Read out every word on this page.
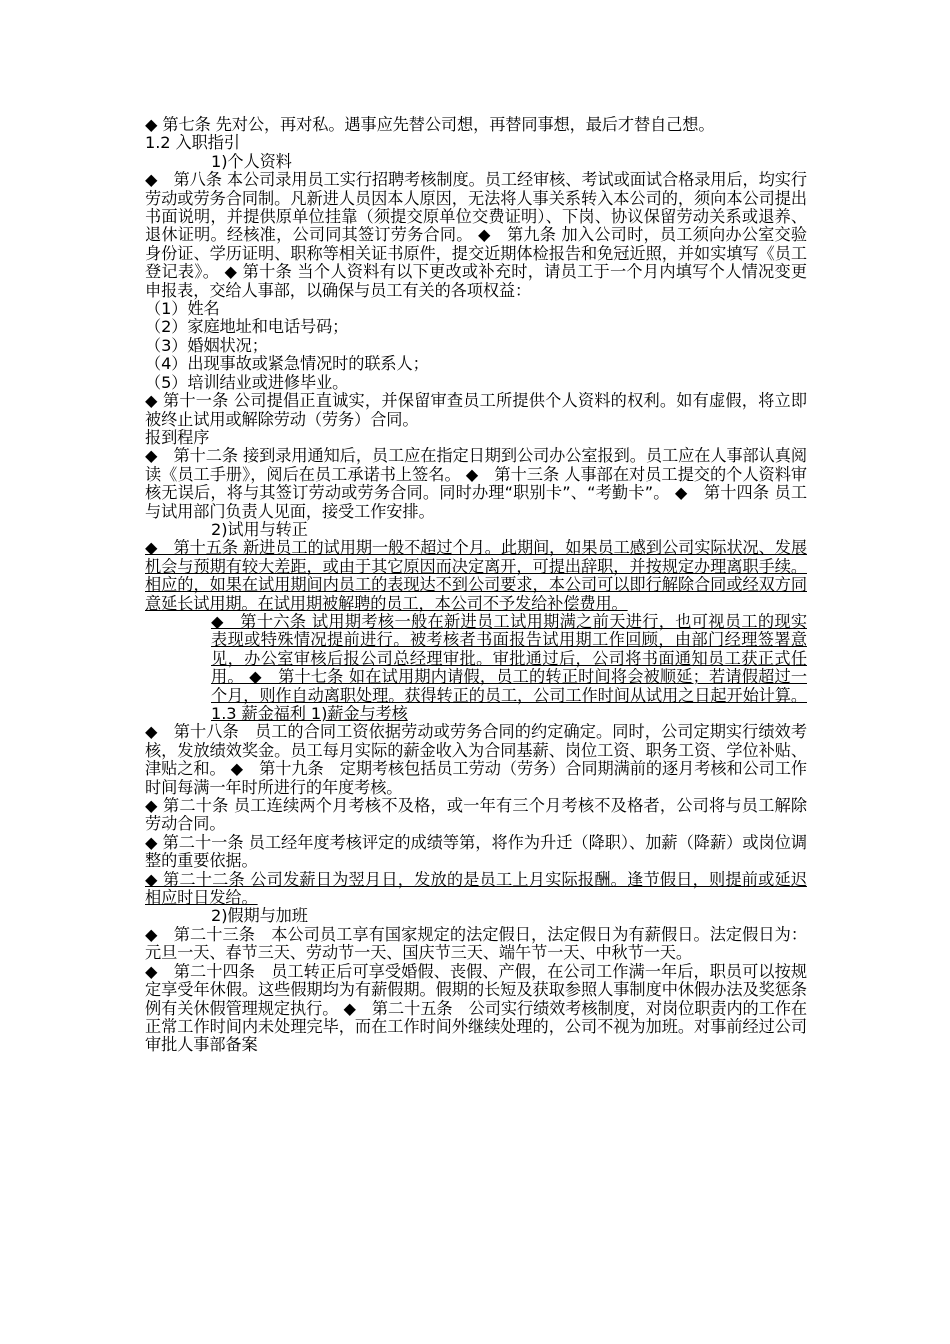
◆ 第七条 先对公，再对私。遇事应先替公司想，再替同事想，最后才替自己想。

1.2 入职指引

1)个人资料

◆　第八条 本公司录用员工实行招聘考核制度。员工经审核、考试或面试合格录用后，均实行劳动或劳务合同制。凡新进人员因本人原因，无法将人事关系转入本公司的，须向本公司提出书面说明，并提供原单位挂靠（须提交原单位交费证明）、下岗、协议保留劳动关系或退养、退休证明。经核准，公司同其签订劳务合同。 ◆　第九条 加入公司时，员工须向办公室交验身份证、学历证明、职称等相关证书原件，提交近期体检报告和免冠近照，并如实填写《员工登记表》。 ◆ 第十条 当个人资料有以下更改或补充时，请员工于一个月内填写个人情况变更申报表，交给人事部，以确保与员工有关的各项权益：

（1）姓名

（2）家庭地址和电话号码；

（3）婚姻状况；

（4）出现事故或紧急情况时的联系人；

（5）培训结业或进修毕业。

◆ 第十一条 公司提倡正直诚实，并保留审查员工所提供个人资料的权利。如有虚假，将立即被终止试用或解除劳动（劳务）合同。

报到程序

◆　第十二条 接到录用通知后，员工应在指定日期到公司办公室报到。员工应在人事部认真阅读《员工手册》，阅后在员工承诺书上签名。 ◆　第十三条 人事部在对员工提交的个人资料审核无误后，将与其签订劳动或劳务合同。同时办理“职别卡”、“考勤卡”。 ◆　第十四条 员工与试用部门负责人见面，接受工作安排。

2)试用与转正

◆　第十五条 新进员工的试用期一般不超过个月。此期间，如果员工感到公司实际状况、发展机会与预期有较大差距，或由于其它原因而决定离开，可提出辞职，并按规定办理离职手续。相应的，如果在试用期间内员工的表现达不到公司要求，本公司可以即行解除合同或经双方同意延长试用期。在试用期被解聘的员工，本公司不予发给补偿费用。

◆　第十六条 试用期考核一般在新进员工试用期满之前天进行，也可视员工的现实表现或特殊情况提前进行。被考核者书面报告试用期工作回顾，由部门经理签署意见，办公室审核后报公司总经理审批。审批通过后，公司将书面通知员工获正式任用。 ◆　第十七条 如在试用期内请假，员工的转正时间将会被顺延；若请假超过一个月，则作自动离职处理。获得转正的员工，公司工作时间从试用之日起开始计算。1.3 薪金福利 1)薪金与考核

◆　第十八条　员工的合同工资依据劳动或劳务合同的约定确定。同时，公司定期实行绩效考核，发放绩效奖金。员工每月实际的薪金收入为合同基薪、岗位工资、职务工资、学位补贴、津贴之和。 ◆　第十九条　定期考核包括员工劳动（劳务）合同期满前的逐月考核和公司工作时间每满一年时所进行的年度考核。

◆ 第二十条 员工连续两个月考核不及格，或一年有三个月考核不及格者，公司将与员工解除劳动合同。

◆ 第二十一条 员工经年度考核评定的成绩等第，将作为升迁（降职）、加薪（降薪）或岗位调整的重要依据。

◆ 第二十二条 公司发薪日为翌月日，发放的是员工上月实际报酬。逢节假日，则提前或延迟相应时日发给。

2)假期与加班

◆　第二十三条　本公司员工享有国家规定的法定假日，法定假日为有薪假日。法定假日为：元旦一天、春节三天、劳动节一天、国庆节三天、端午节一天、中秋节一天。

◆　第二十四条　员工转正后可享受婚假、丧假、产假，在公司工作满一年后，职员可以按规定享受年休假。这些假期均为有薪假期。假期的长短及获取参照人事制度中休假办法及奖惩条例有关休假管理规定执行。 ◆　第二十五条　公司实行绩效考核制度，对岗位职责内的工作在正常工作时间内未处理完毕，而在工作时间外继续处理的，公司不视为加班。对事前经过公司审批人事部备案
